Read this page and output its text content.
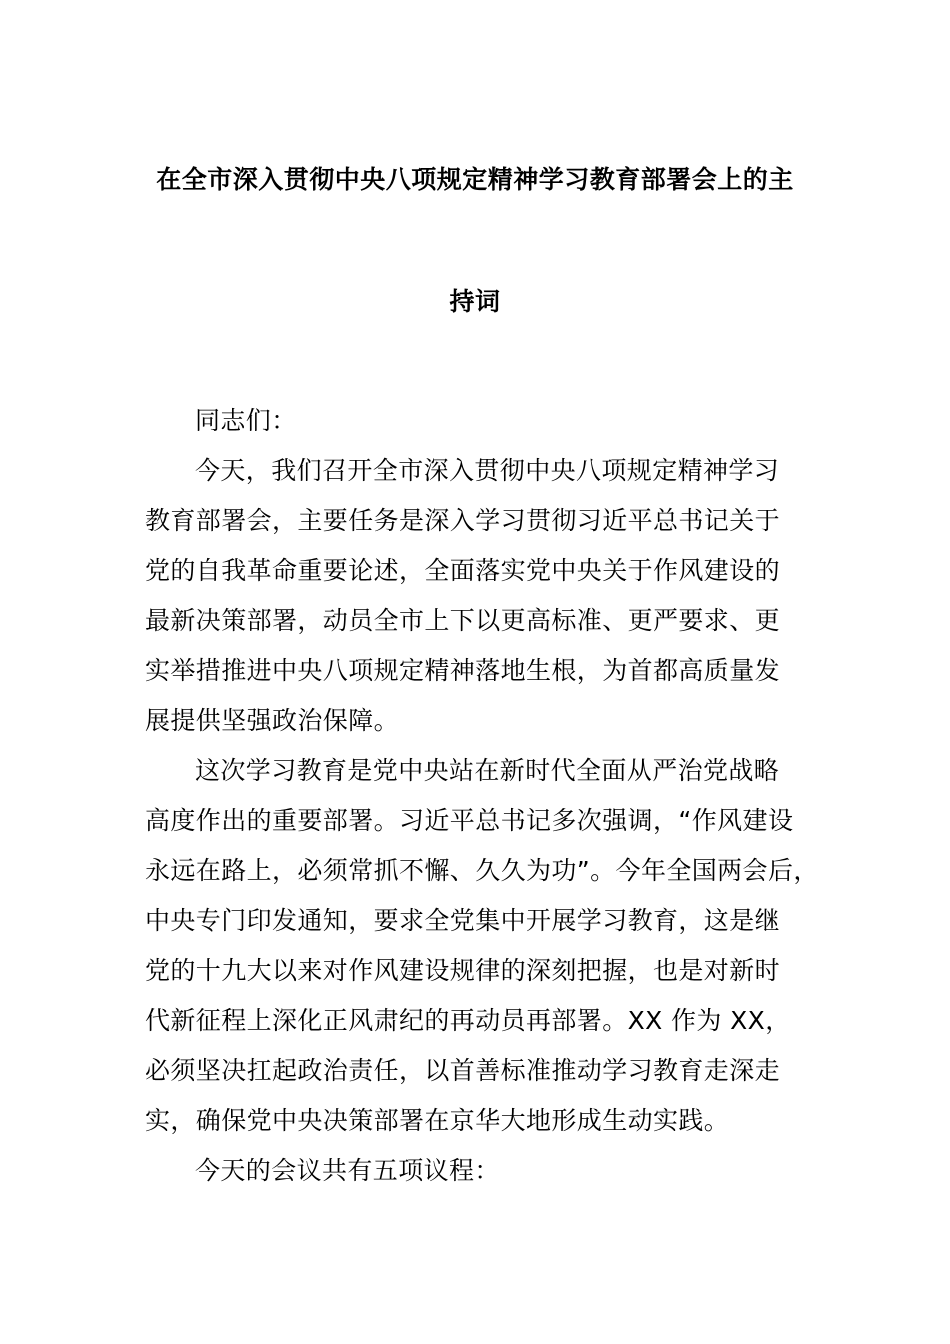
在全市深入贯彻中央八项规定精神学习教育部署会上的主
持词
同志们：
今天，我们召开全市深入贯彻中央八项规定精神学习
教育部署会，主要任务是深入学习贯彻习近平总书记关于
党的自我革命重要论述，全面落实党中央关于作风建设的
最新决策部署，动员全市上下以更高标准、更严要求、更
实举措推进中央八项规定精神落地生根，为首都高质量发
展提供坚强政治保障。
这次学习教育是党中央站在新时代全面从严治党战略
高度作出的重要部署。习近平总书记多次强调，“作风建设
永远在路上，必须常抓不懈、久久为功”。今年全国两会后，
中央专门印发通知，要求全党集中开展学习教育，这是继
党的十九大以来对作风建设规律的深刻把握，也是对新时
代新征程上深化正风肃纪的再动员再部署。XX 作为 XX，
必须坚决扛起政治责任，以首善标准推动学习教育走深走
实，确保党中央决策部署在京华大地形成生动实践。
今天的会议共有五项议程：
